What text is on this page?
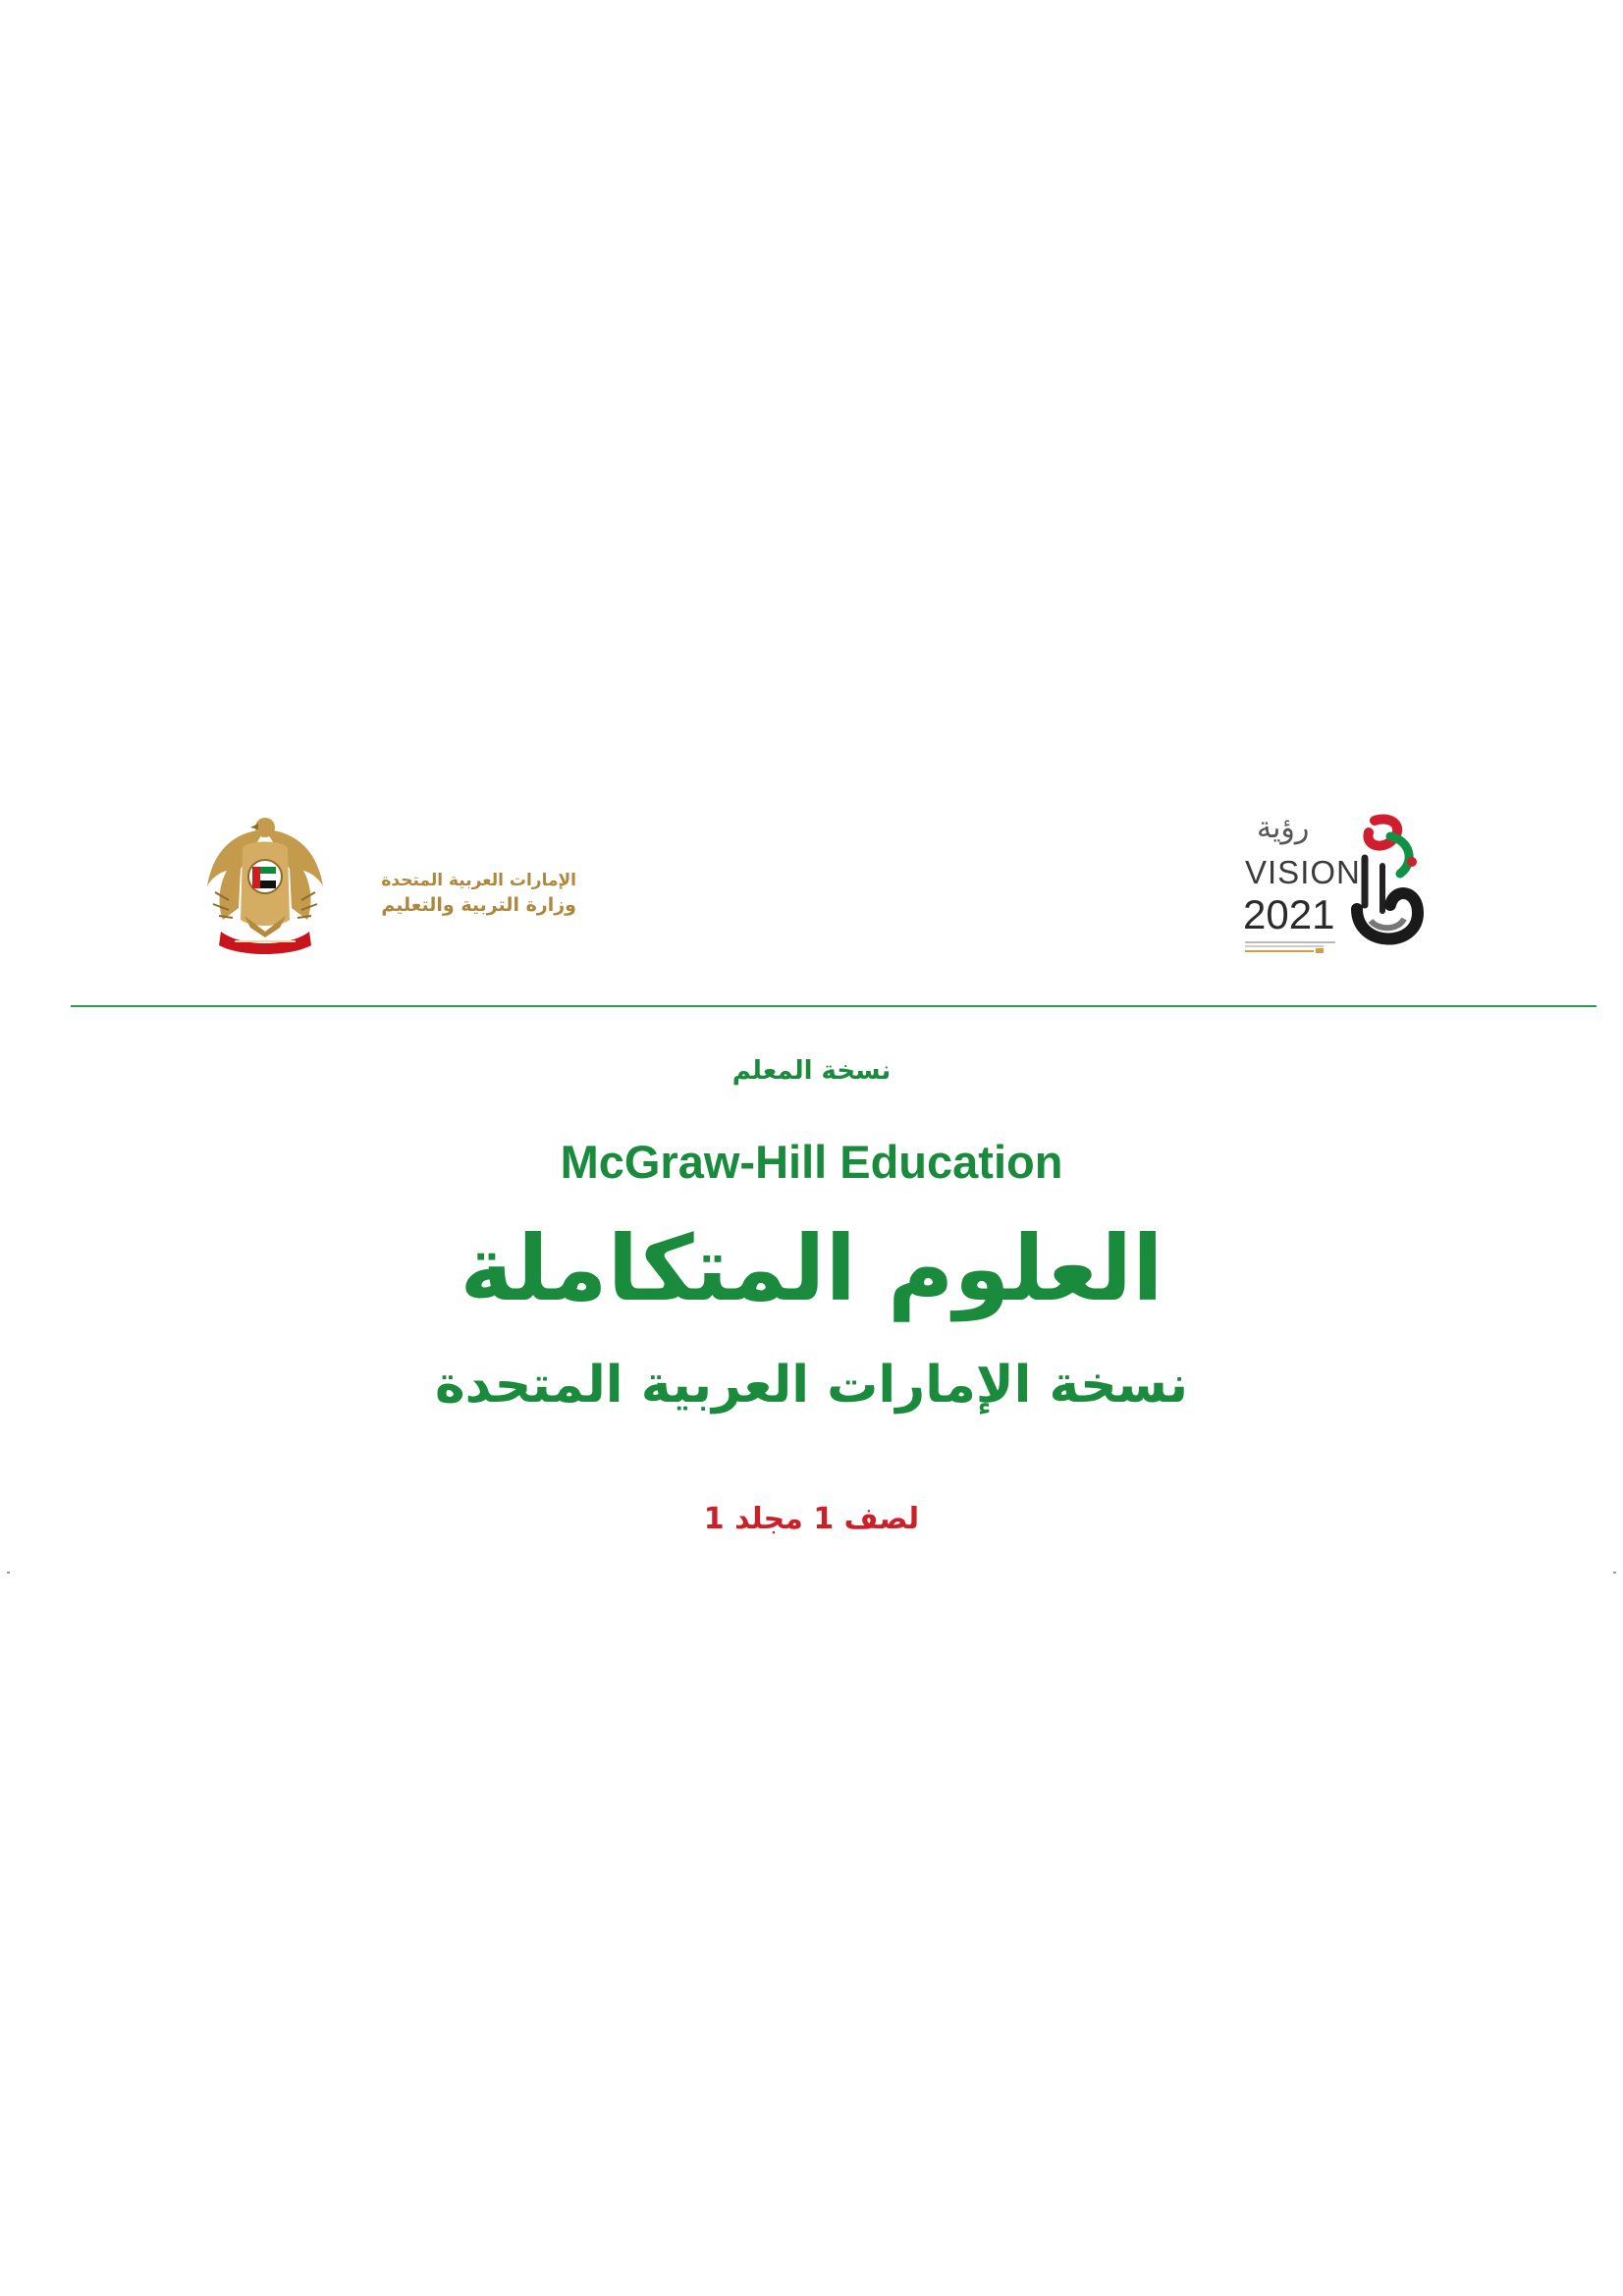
الإمارات العربية المتحدة
وزارة التربية والتعليم
رؤية
VISION
2021
نسخة المعلم
McGraw-Hill Education
العلوم المتكاملة
نسخة الإمارات العربية المتحدة
لصف 1 مجلد 1
